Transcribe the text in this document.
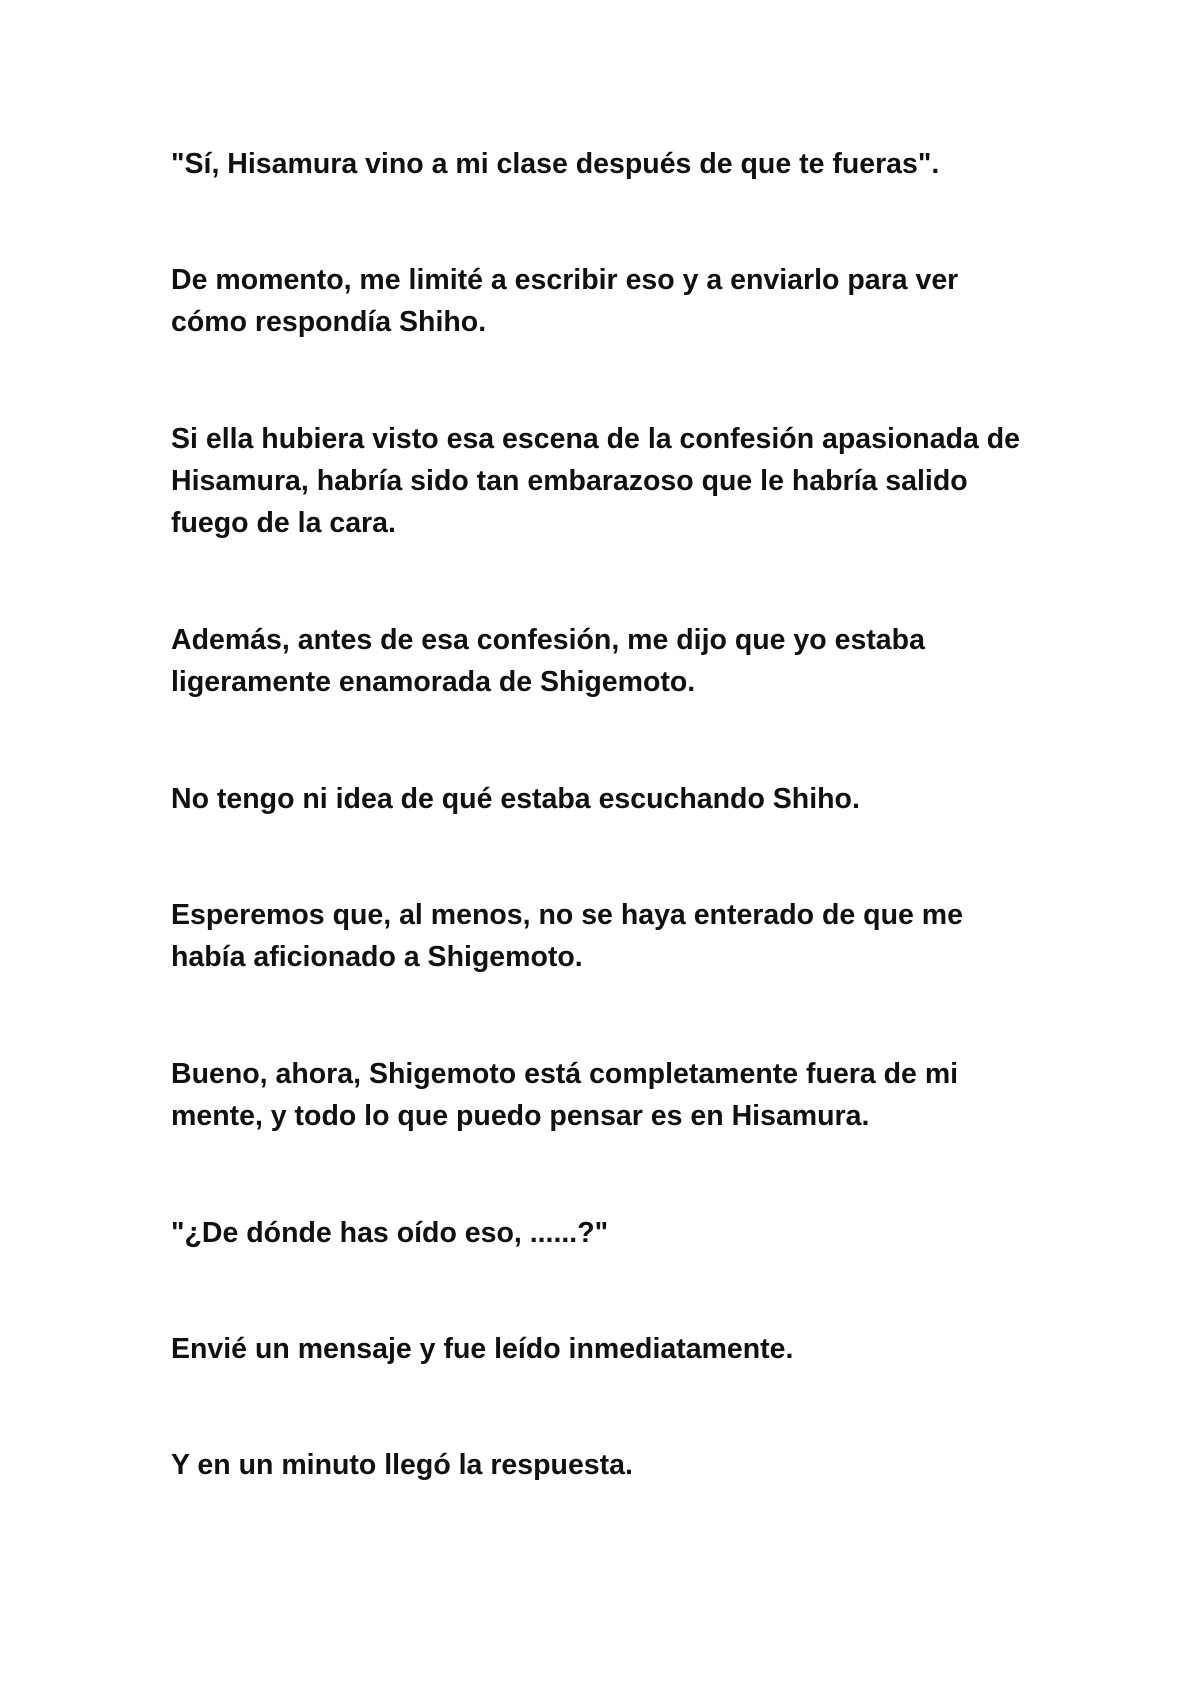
"Sí, Hisamura vino a mi clase después de que te fueras".

De momento, me limité a escribir eso y a enviarlo para ver cómo respondía Shiho.

Si ella hubiera visto esa escena de la confesión apasionada de Hisamura, habría sido tan embarazoso que le habría salido fuego de la cara.

Además, antes de esa confesión, me dijo que yo estaba ligeramente enamorada de Shigemoto.

No tengo ni idea de qué estaba escuchando Shiho.

Esperemos que, al menos, no se haya enterado de que me había aficionado a Shigemoto.

Bueno, ahora, Shigemoto está completamente fuera de mi mente, y todo lo que puedo pensar es en Hisamura.

"¿De dónde has oído eso, ......?"

Envié un mensaje y fue leído inmediatamente.

Y en un minuto llegó la respuesta.
